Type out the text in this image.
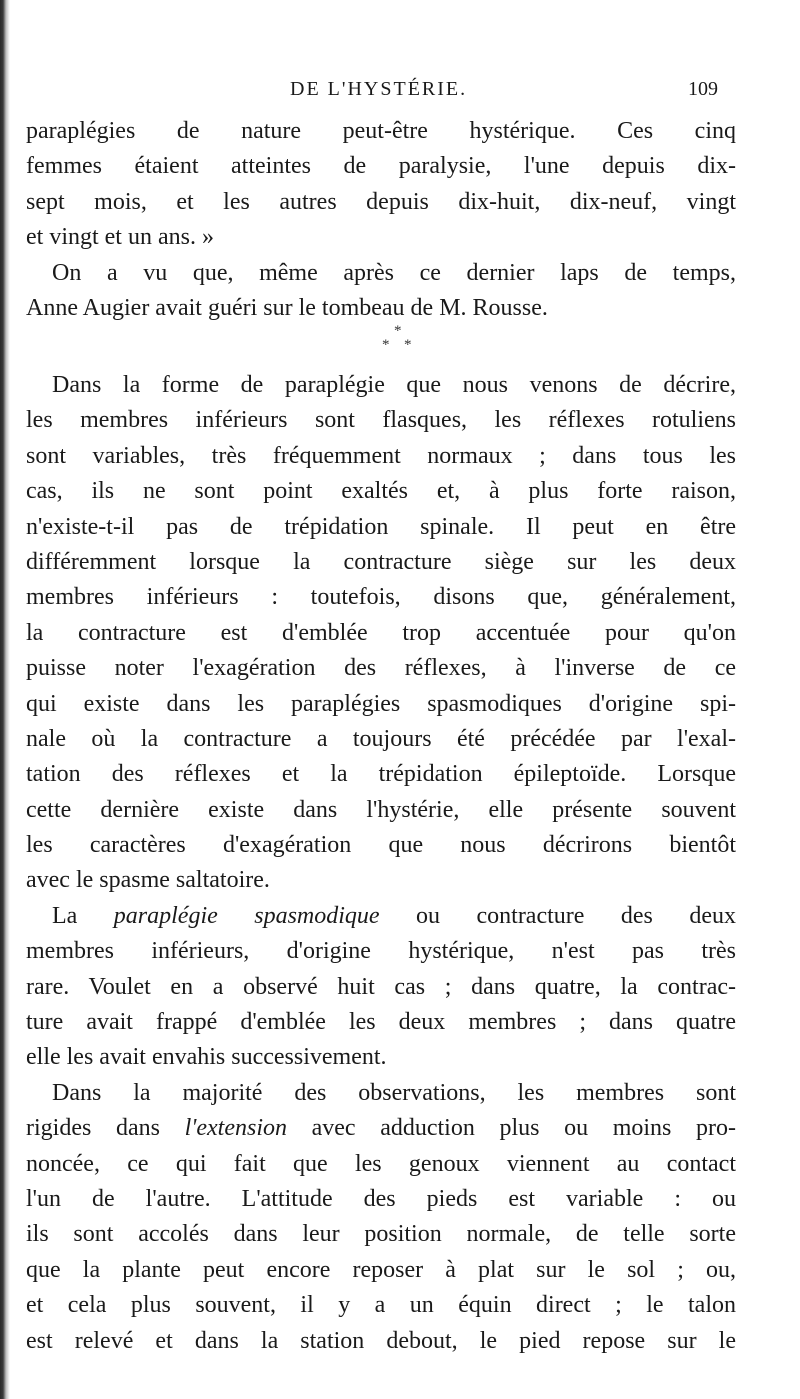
DE L'HYSTÉRIE.	109
paraplégies de nature peut-être hystérique. Ces cinq
femmes étaient atteintes de paralysie, l'une depuis dix-
sept mois, et les autres depuis dix-huit, dix-neuf, vingt
et vingt et un ans. »
On a vu que, même après ce dernier laps de temps,
Anne Augier avait guéri sur le tombeau de M. Rousse.
*
* *
Dans la forme de paraplégie que nous venons de décrire,
les membres inférieurs sont flasques, les réflexes rotuliens
sont variables, très fréquemment normaux ; dans tous les
cas, ils ne sont point exaltés et, à plus forte raison,
n'existe-t-il pas de trépidation spinale. Il peut en être
différemment lorsque la contracture siège sur les deux
membres inférieurs : toutefois, disons que, généralement,
la contracture est d'emblée trop accentuée pour qu'on
puisse noter l'exagération des réflexes, à l'inverse de ce
qui existe dans les paraplégies spasmodiques d'origine spi-
nale où la contracture a toujours été précédée par l'exal-
tation des réflexes et la trépidation épileptoïde. Lorsque
cette dernière existe dans l'hystérie, elle présente souvent
les caractères d'exagération que nous décrirons bientôt
avec le spasme saltatoire.
La paraplégie spasmodique ou contracture des deux
membres inférieurs, d'origine hystérique, n'est pas très
rare. Voulet en a observé huit cas ; dans quatre, la contrac-
ture avait frappé d'emblée les deux membres ; dans quatre
elle les avait envahis successivement.
Dans la majorité des observations, les membres sont
rigides dans l'extension avec adduction plus ou moins pro-
noncée, ce qui fait que les genoux viennent au contact
l'un de l'autre. L'attitude des pieds est variable : ou
ils sont accolés dans leur position normale, de telle sorte
que la plante peut encore reposer à plat sur le sol ; ou,
et cela plus souvent, il y a un équin direct ; le talon
est relevé et dans la station debout, le pied repose sur le
